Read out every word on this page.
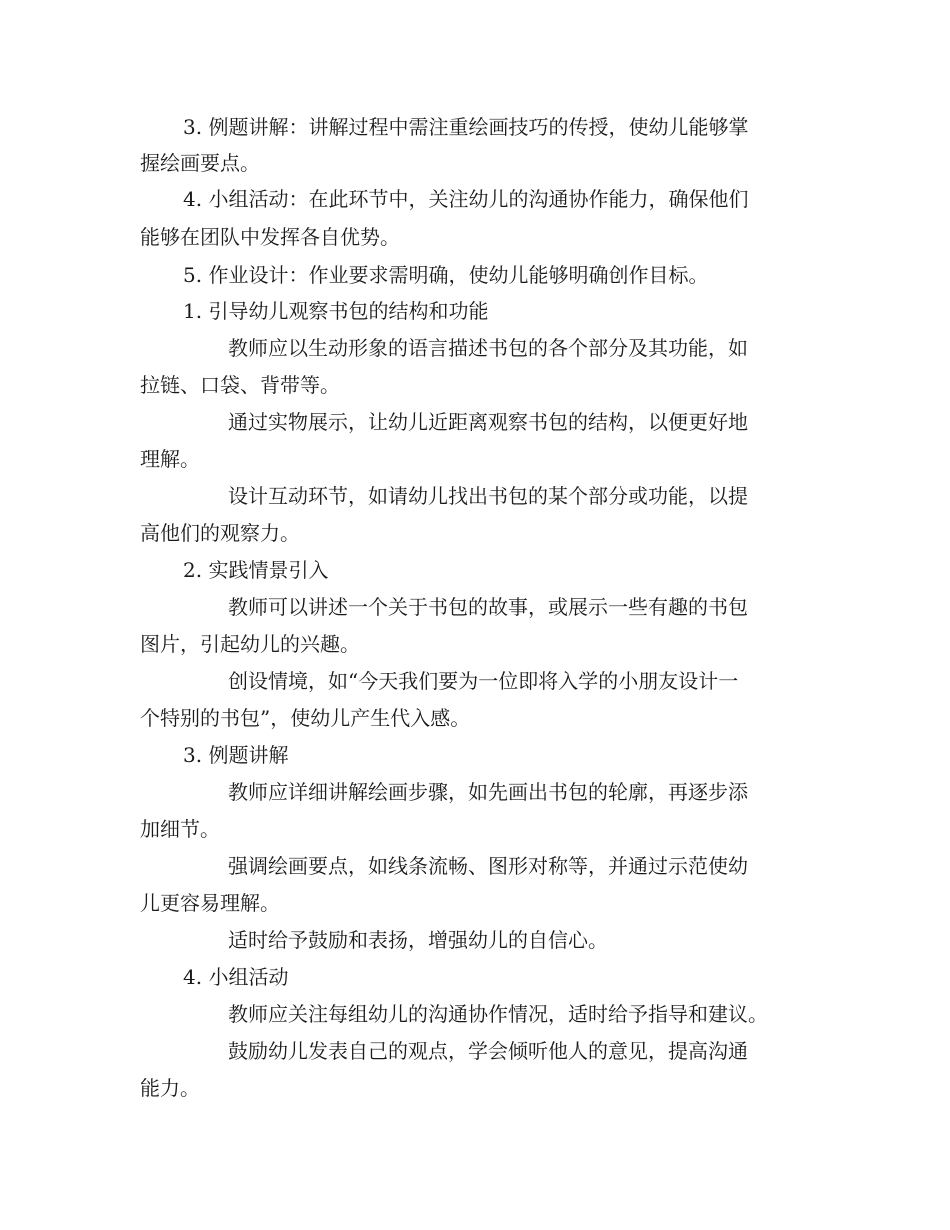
3. 例题讲解：讲解过程中需注重绘画技巧的传授，使幼儿能够掌
握绘画要点。
4. 小组活动：在此环节中，关注幼儿的沟通协作能力，确保他们
能够在团队中发挥各自优势。
5. 作业设计：作业要求需明确，使幼儿能够明确创作目标。
1. 引导幼儿观察书包的结构和功能
教师应以生动形象的语言描述书包的各个部分及其功能，如
拉链、口袋、背带等。
通过实物展示，让幼儿近距离观察书包的结构，以便更好地
理解。
设计互动环节，如请幼儿找出书包的某个部分或功能，以提
高他们的观察力。
2. 实践情景引入
教师可以讲述一个关于书包的故事，或展示一些有趣的书包
图片，引起幼儿的兴趣。
创设情境，如“今天我们要为一位即将入学的小朋友设计一
个特别的书包”，使幼儿产生代入感。
3. 例题讲解
教师应详细讲解绘画步骤，如先画出书包的轮廓，再逐步添
加细节。
强调绘画要点，如线条流畅、图形对称等，并通过示范使幼
儿更容易理解。
适时给予鼓励和表扬，增强幼儿的自信心。
4. 小组活动
教师应关注每组幼儿的沟通协作情况，适时给予指导和建议。
鼓励幼儿发表自己的观点，学会倾听他人的意见，提高沟通
能力。
